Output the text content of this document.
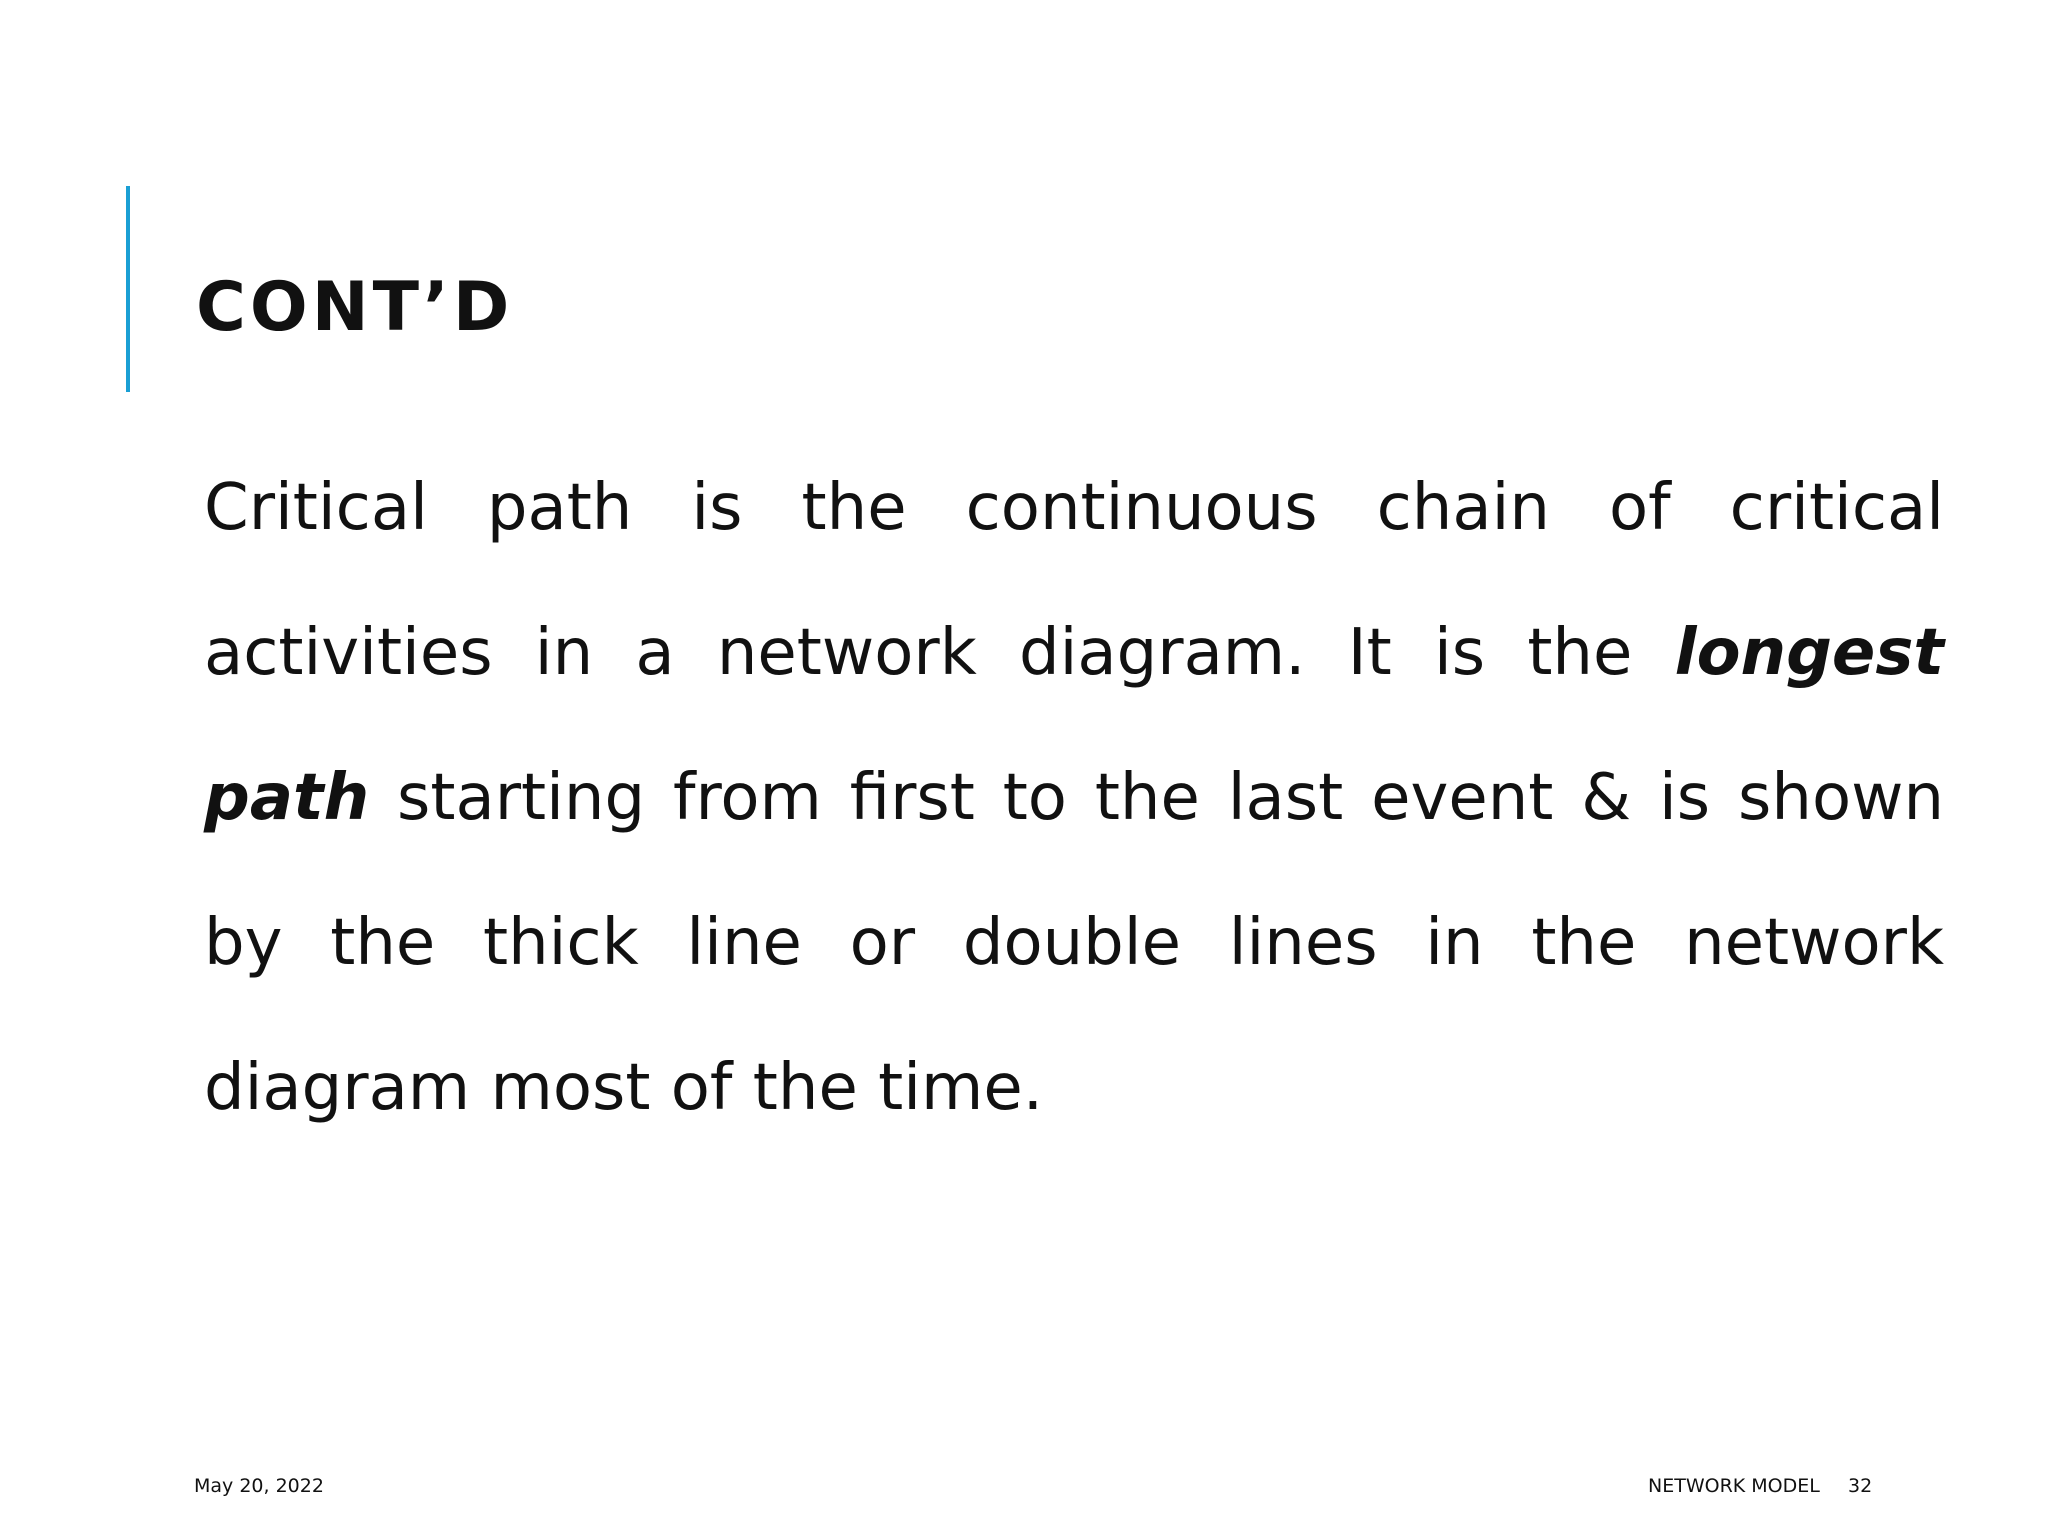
CONT’D

Critical path is the continuous chain of critical activities in a network diagram. It is the longest path starting from first to the last event & is shown by the thick line or double lines in the network diagram most of the time.

May 20, 2022	NETWORK MODEL 32
